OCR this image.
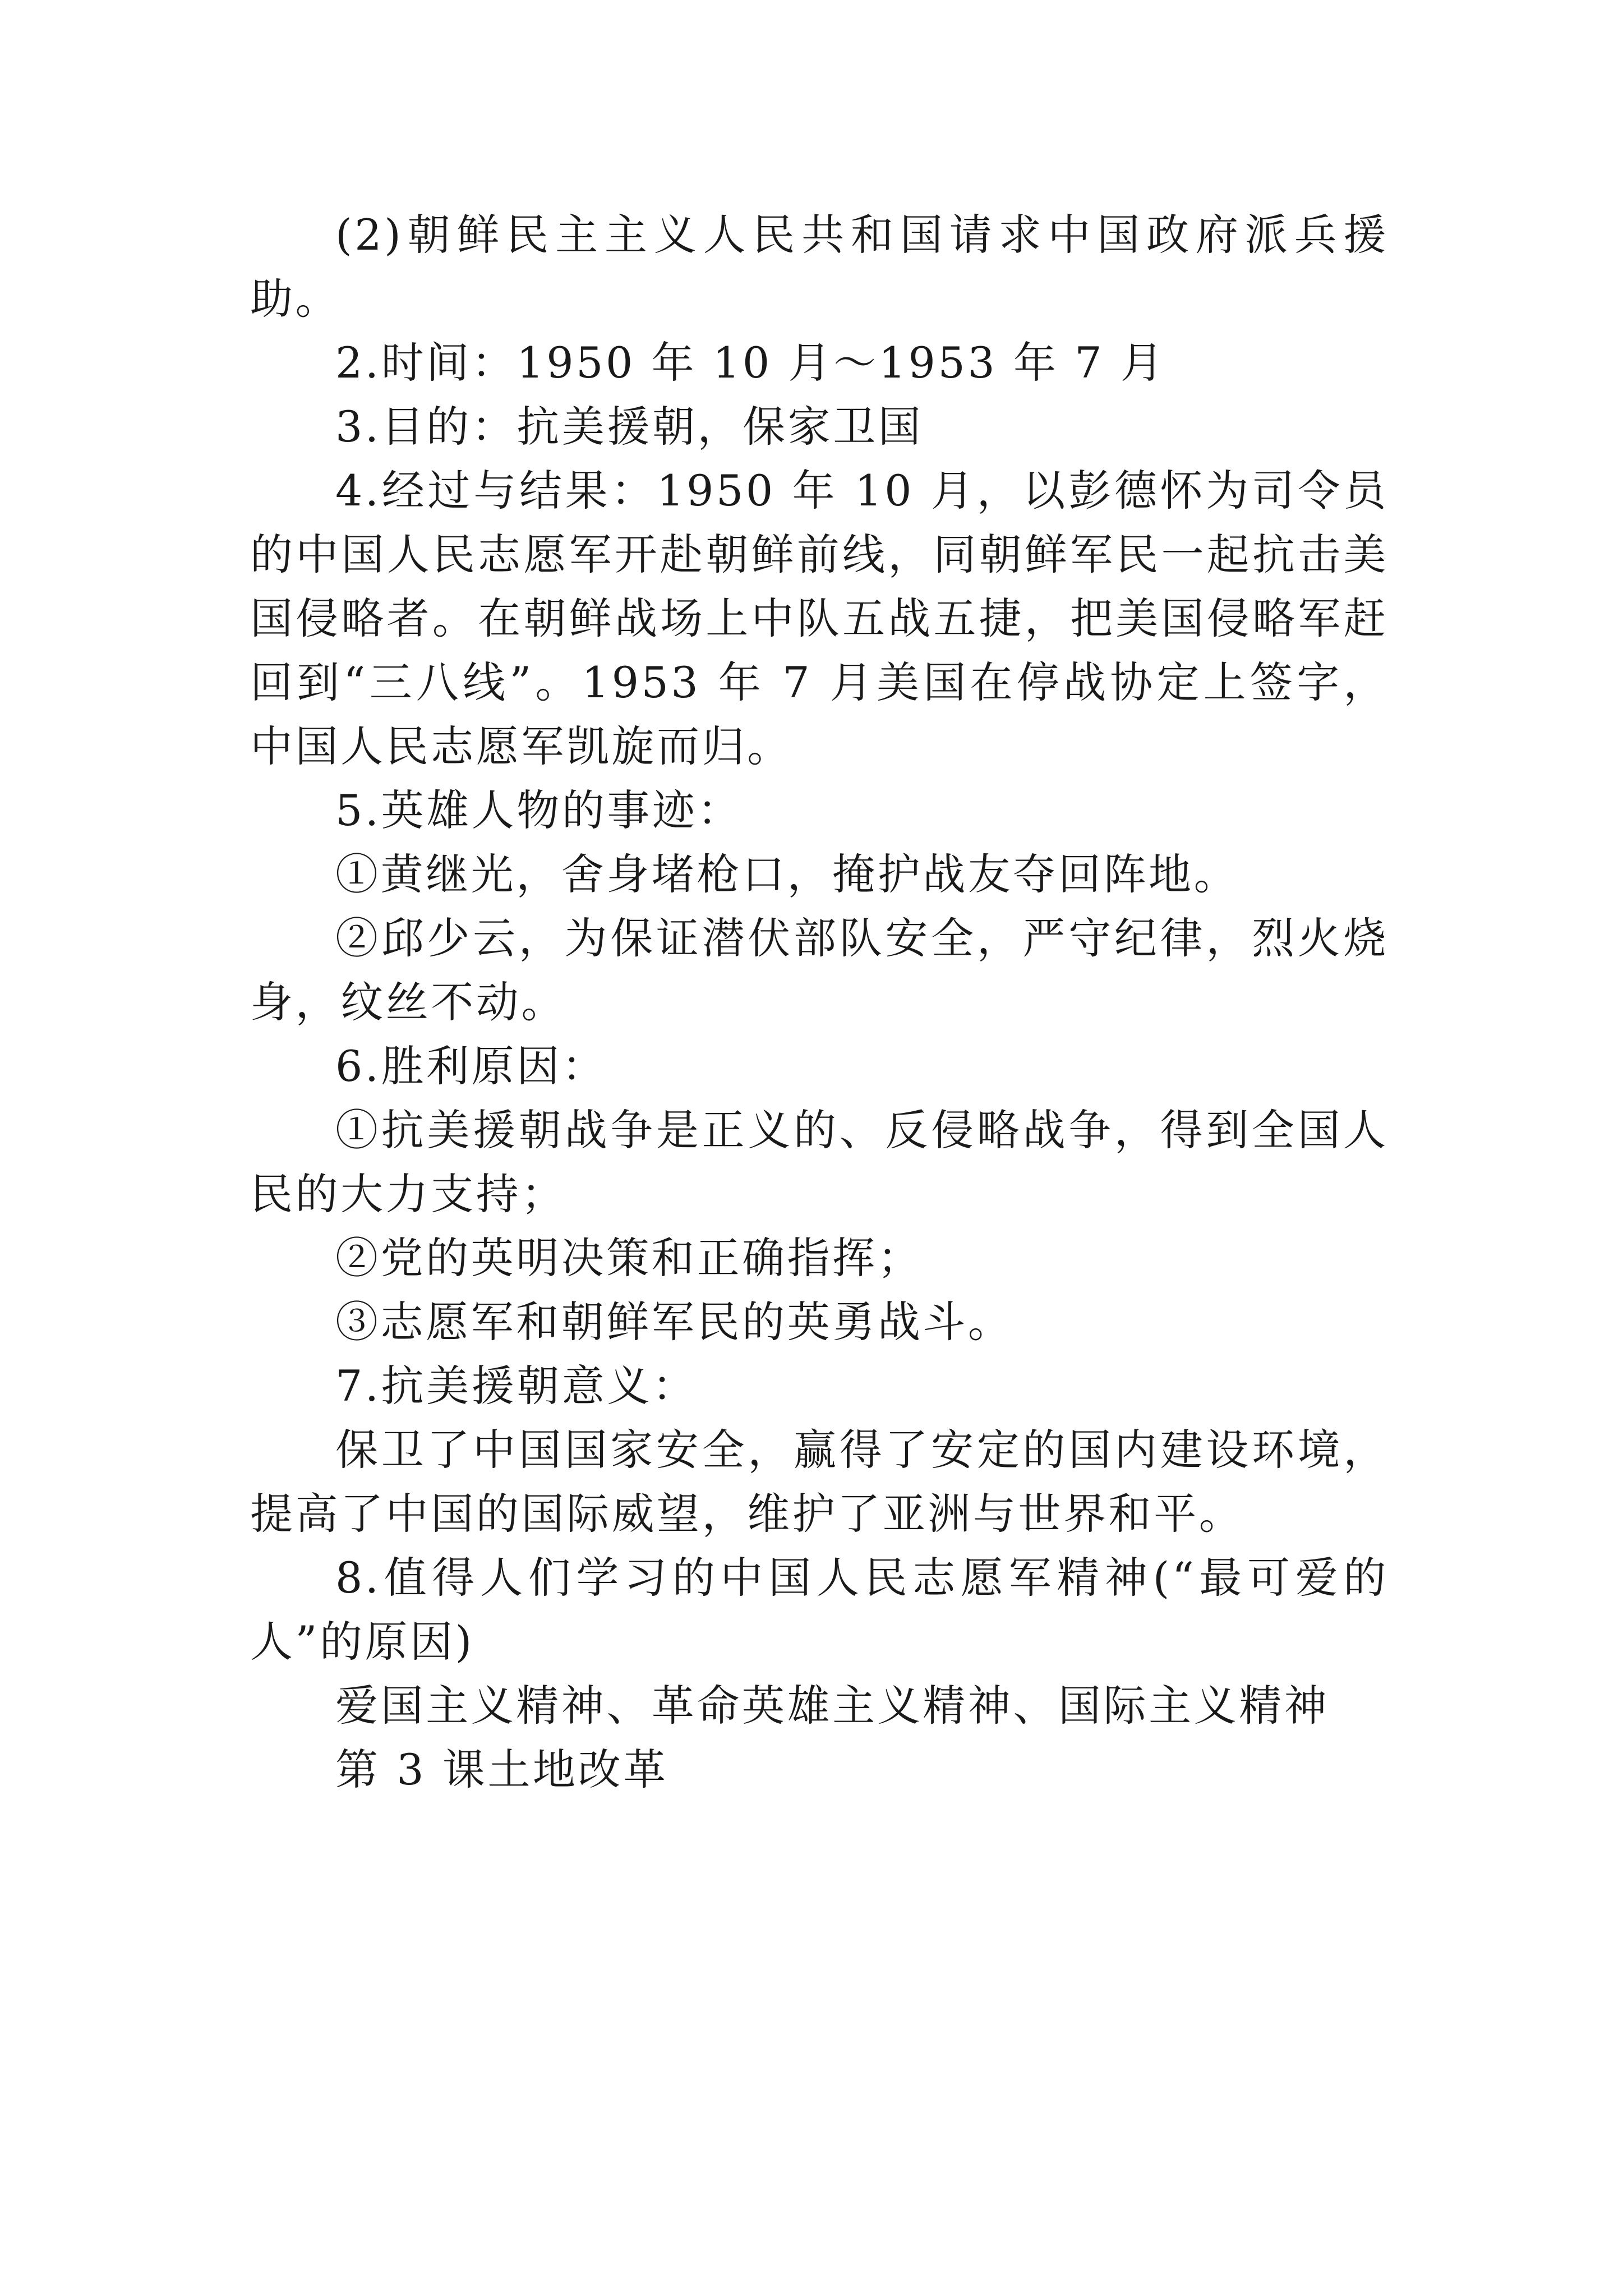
(2)朝鲜民主主义人民共和国请求中国政府派兵援助。

2.时间：1950 年 10 月～1953 年 7 月

3.目的：抗美援朝，保家卫国

4.经过与结果：1950 年 10 月，以彭德怀为司令员的中国人民志愿军开赴朝鲜前线，同朝鲜军民一起抗击美国侵略者。在朝鲜战场上中队五战五捷，把美国侵略军赶回到“三八线”。1953 年 7 月美国在停战协定上签字，中国人民志愿军凯旋而归。

5.英雄人物的事迹：

①黄继光，舍身堵枪口，掩护战友夺回阵地。

②邱少云，为保证潜伏部队安全，严守纪律，烈火烧身，纹丝不动。

6.胜利原因：

①抗美援朝战争是正义的、反侵略战争，得到全国人民的大力支持；

②党的英明决策和正确指挥；

③志愿军和朝鲜军民的英勇战斗。

7.抗美援朝意义：

保卫了中国国家安全，赢得了安定的国内建设环境，提高了中国的国际威望，维护了亚洲与世界和平。

8.值得人们学习的中国人民志愿军精神(“最可爱的人”的原因)

爱国主义精神、革命英雄主义精神、国际主义精神

第 3 课土地改革
